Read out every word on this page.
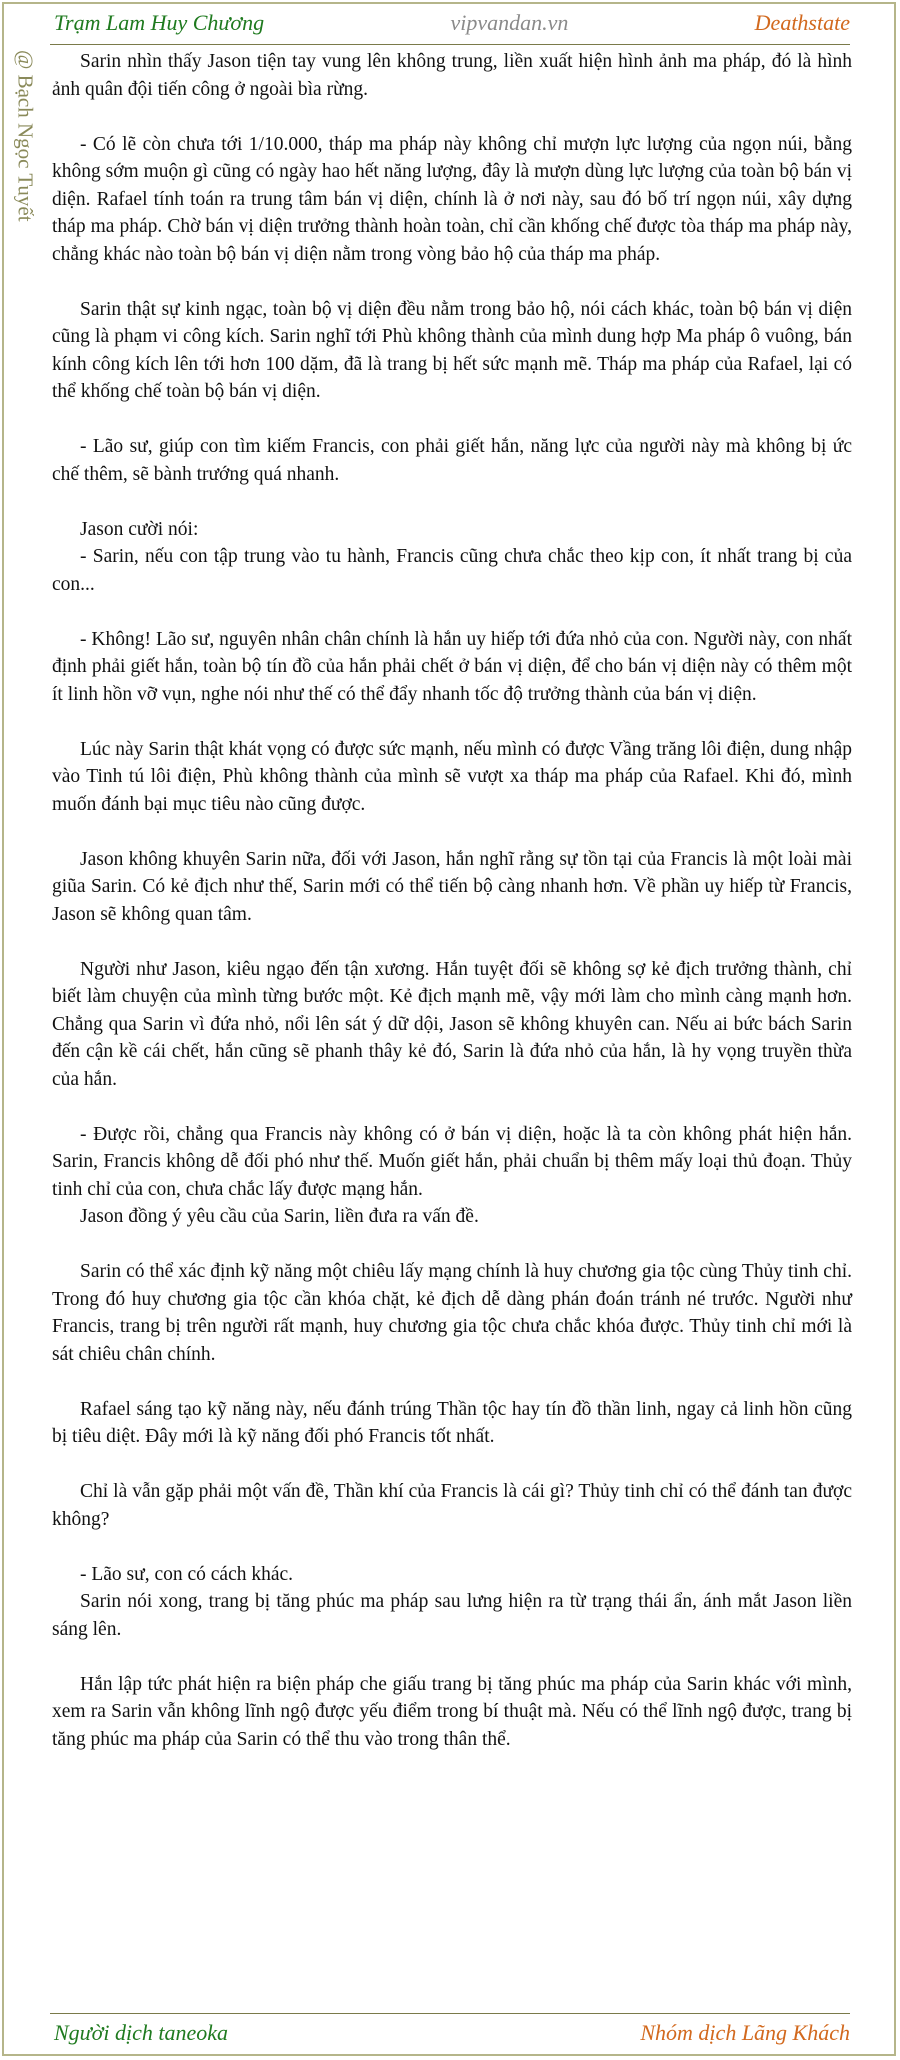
Trạm Lam Huy Chương	vipvandan.vn	Deathstate
@ Bạch Ngọc Tuyết	Sarin nhìn thấy Jason tiện tay vung lên không trung, liền xuất hiện hình ảnh ma pháp, đó là hình ảnh quân đội tiến công ở ngoài bìa rừng.

- Có lẽ còn chưa tới 1/10.000, tháp ma pháp này không chỉ mượn lực lượng của ngọn núi, bằng không sớm muộn gì cũng có ngày hao hết năng lượng, đây là mượn dùng lực lượng của toàn bộ bán vị diện. Rafael tính toán ra trung tâm bán vị diện, chính là ở nơi này, sau đó bố trí ngọn núi, xây dựng tháp ma pháp. Chờ bán vị diện trưởng thành hoàn toàn, chỉ cần khống chế được tòa tháp ma pháp này, chẳng khác nào toàn bộ bán vị diện nằm trong vòng bảo hộ của tháp ma pháp.

Sarin thật sự kinh ngạc, toàn bộ vị diện đều nằm trong bảo hộ, nói cách khác, toàn bộ bán vị diện cũng là phạm vi công kích. Sarin nghĩ tới Phù không thành của mình dung hợp Ma pháp ô vuông, bán kính công kích lên tới hơn 100 dặm, đã là trang bị hết sức mạnh mẽ. Tháp ma pháp của Rafael, lại có thể khống chế toàn bộ bán vị diện.

- Lão sư, giúp con tìm kiếm Francis, con phải giết hắn, năng lực của người này mà không bị ức chế thêm, sẽ bành trướng quá nhanh.

Jason cười nói:

- Sarin, nếu con tập trung vào tu hành, Francis cũng chưa chắc theo kịp con, ít nhất trang bị của con...

- Không! Lão sư, nguyên nhân chân chính là hắn uy hiếp tới đứa nhỏ của con. Người này, con nhất định phải giết hắn, toàn bộ tín đồ của hắn phải chết ở bán vị diện, để cho bán vị diện này có thêm một ít linh hồn vỡ vụn, nghe nói như thế có thể đẩy nhanh tốc độ trưởng thành của bán vị diện.

Lúc này Sarin thật khát vọng có được sức mạnh, nếu mình có được Vầng trăng lôi điện, dung nhập vào Tinh tú lôi điện, Phù không thành của mình sẽ vượt xa tháp ma pháp của Rafael. Khi đó, mình muốn đánh bại mục tiêu nào cũng được.

Jason không khuyên Sarin nữa, đối với Jason, hắn nghĩ rằng sự tồn tại của Francis là một loài mài giũa Sarin. Có kẻ địch như thế, Sarin mới có thể tiến bộ càng nhanh hơn. Về phần uy hiếp từ Francis, Jason sẽ không quan tâm.

Người như Jason, kiêu ngạo đến tận xương. Hắn tuyệt đối sẽ không sợ kẻ địch trưởng thành, chỉ biết làm chuyện của mình từng bước một. Kẻ địch mạnh mẽ, vậy mới làm cho mình càng mạnh hơn. Chẳng qua Sarin vì đứa nhỏ, nổi lên sát ý dữ dội, Jason sẽ không khuyên can. Nếu ai bức bách Sarin đến cận kề cái chết, hắn cũng sẽ phanh thây kẻ đó, Sarin là đứa nhỏ của hắn, là hy vọng truyền thừa của hắn.

- Được rồi, chẳng qua Francis này không có ở bán vị diện, hoặc là ta còn không phát hiện hắn. Sarin, Francis không dễ đối phó như thế. Muốn giết hắn, phải chuẩn bị thêm mấy loại thủ đoạn. Thủy tinh chỉ của con, chưa chắc lấy được mạng hắn.

Jason đồng ý yêu cầu của Sarin, liền đưa ra vấn đề.

Sarin có thể xác định kỹ năng một chiêu lấy mạng chính là huy chương gia tộc cùng Thủy tinh chỉ. Trong đó huy chương gia tộc cần khóa chặt, kẻ địch dễ dàng phán đoán tránh né trước. Người như Francis, trang bị trên người rất mạnh, huy chương gia tộc chưa chắc khóa được. Thủy tinh chỉ mới là sát chiêu chân chính.

Rafael sáng tạo kỹ năng này, nếu đánh trúng Thần tộc hay tín đồ thần linh, ngay cả linh hồn cũng bị tiêu diệt. Đây mới là kỹ năng đối phó Francis tốt nhất.

Chỉ là vẫn gặp phải một vấn đề, Thần khí của Francis là cái gì? Thủy tinh chỉ có thể đánh tan được không?

- Lão sư, con có cách khác.

Sarin nói xong, trang bị tăng phúc ma pháp sau lưng hiện ra từ trạng thái ẩn, ánh mắt Jason liền sáng lên.

Hắn lập tức phát hiện ra biện pháp che giấu trang bị tăng phúc ma pháp của Sarin khác với mình, xem ra Sarin vẫn không lĩnh ngộ được yếu điểm trong bí thuật mà. Nếu có thể lĩnh ngộ được, trang bị tăng phúc ma pháp của Sarin có thể thu vào trong thân thể.

Người dịch taneoka	Nhóm dịch Lãng Khách
